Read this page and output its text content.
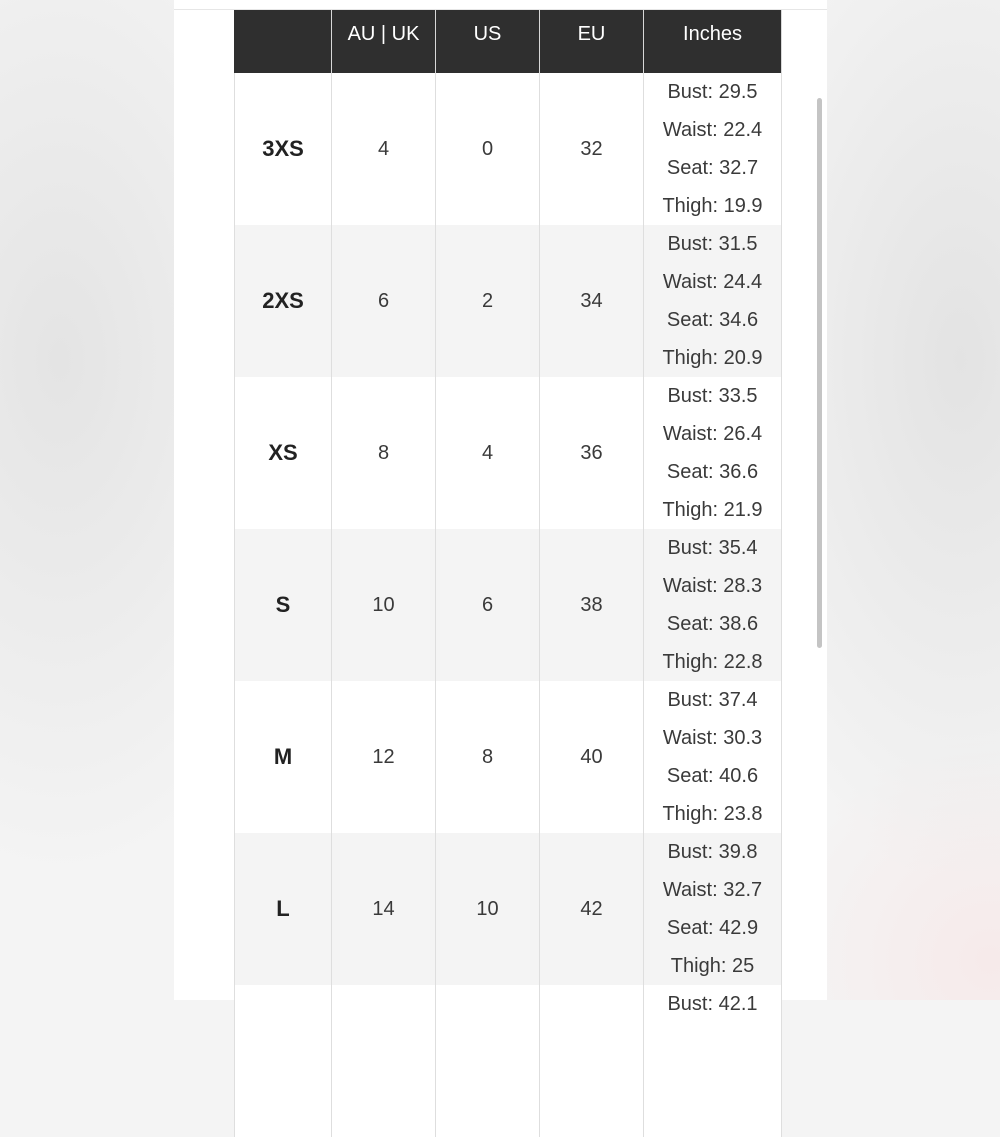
	AU | UK	US	EU	Inches
3XS	4	0	32	Bust: 29.5
Waist: 22.4
Seat: 32.7
Thigh: 19.9

2XS	6	2	34	Bust: 31.5
Waist: 24.4
Seat: 34.6
Thigh: 20.9

XS	8	4	36	Bust: 33.5
Waist: 26.4
Seat: 36.6
Thigh: 21.9

S	10	6	38	Bust: 35.4
Waist: 28.3
Seat: 38.6
Thigh: 22.8

M	12	8	40	Bust: 37.4
Waist: 30.3
Seat: 40.6
Thigh: 23.8

L	14	10	42	Bust: 39.8
Waist: 32.7
Seat: 42.9
Thigh: 25

				Bust: 42.1
